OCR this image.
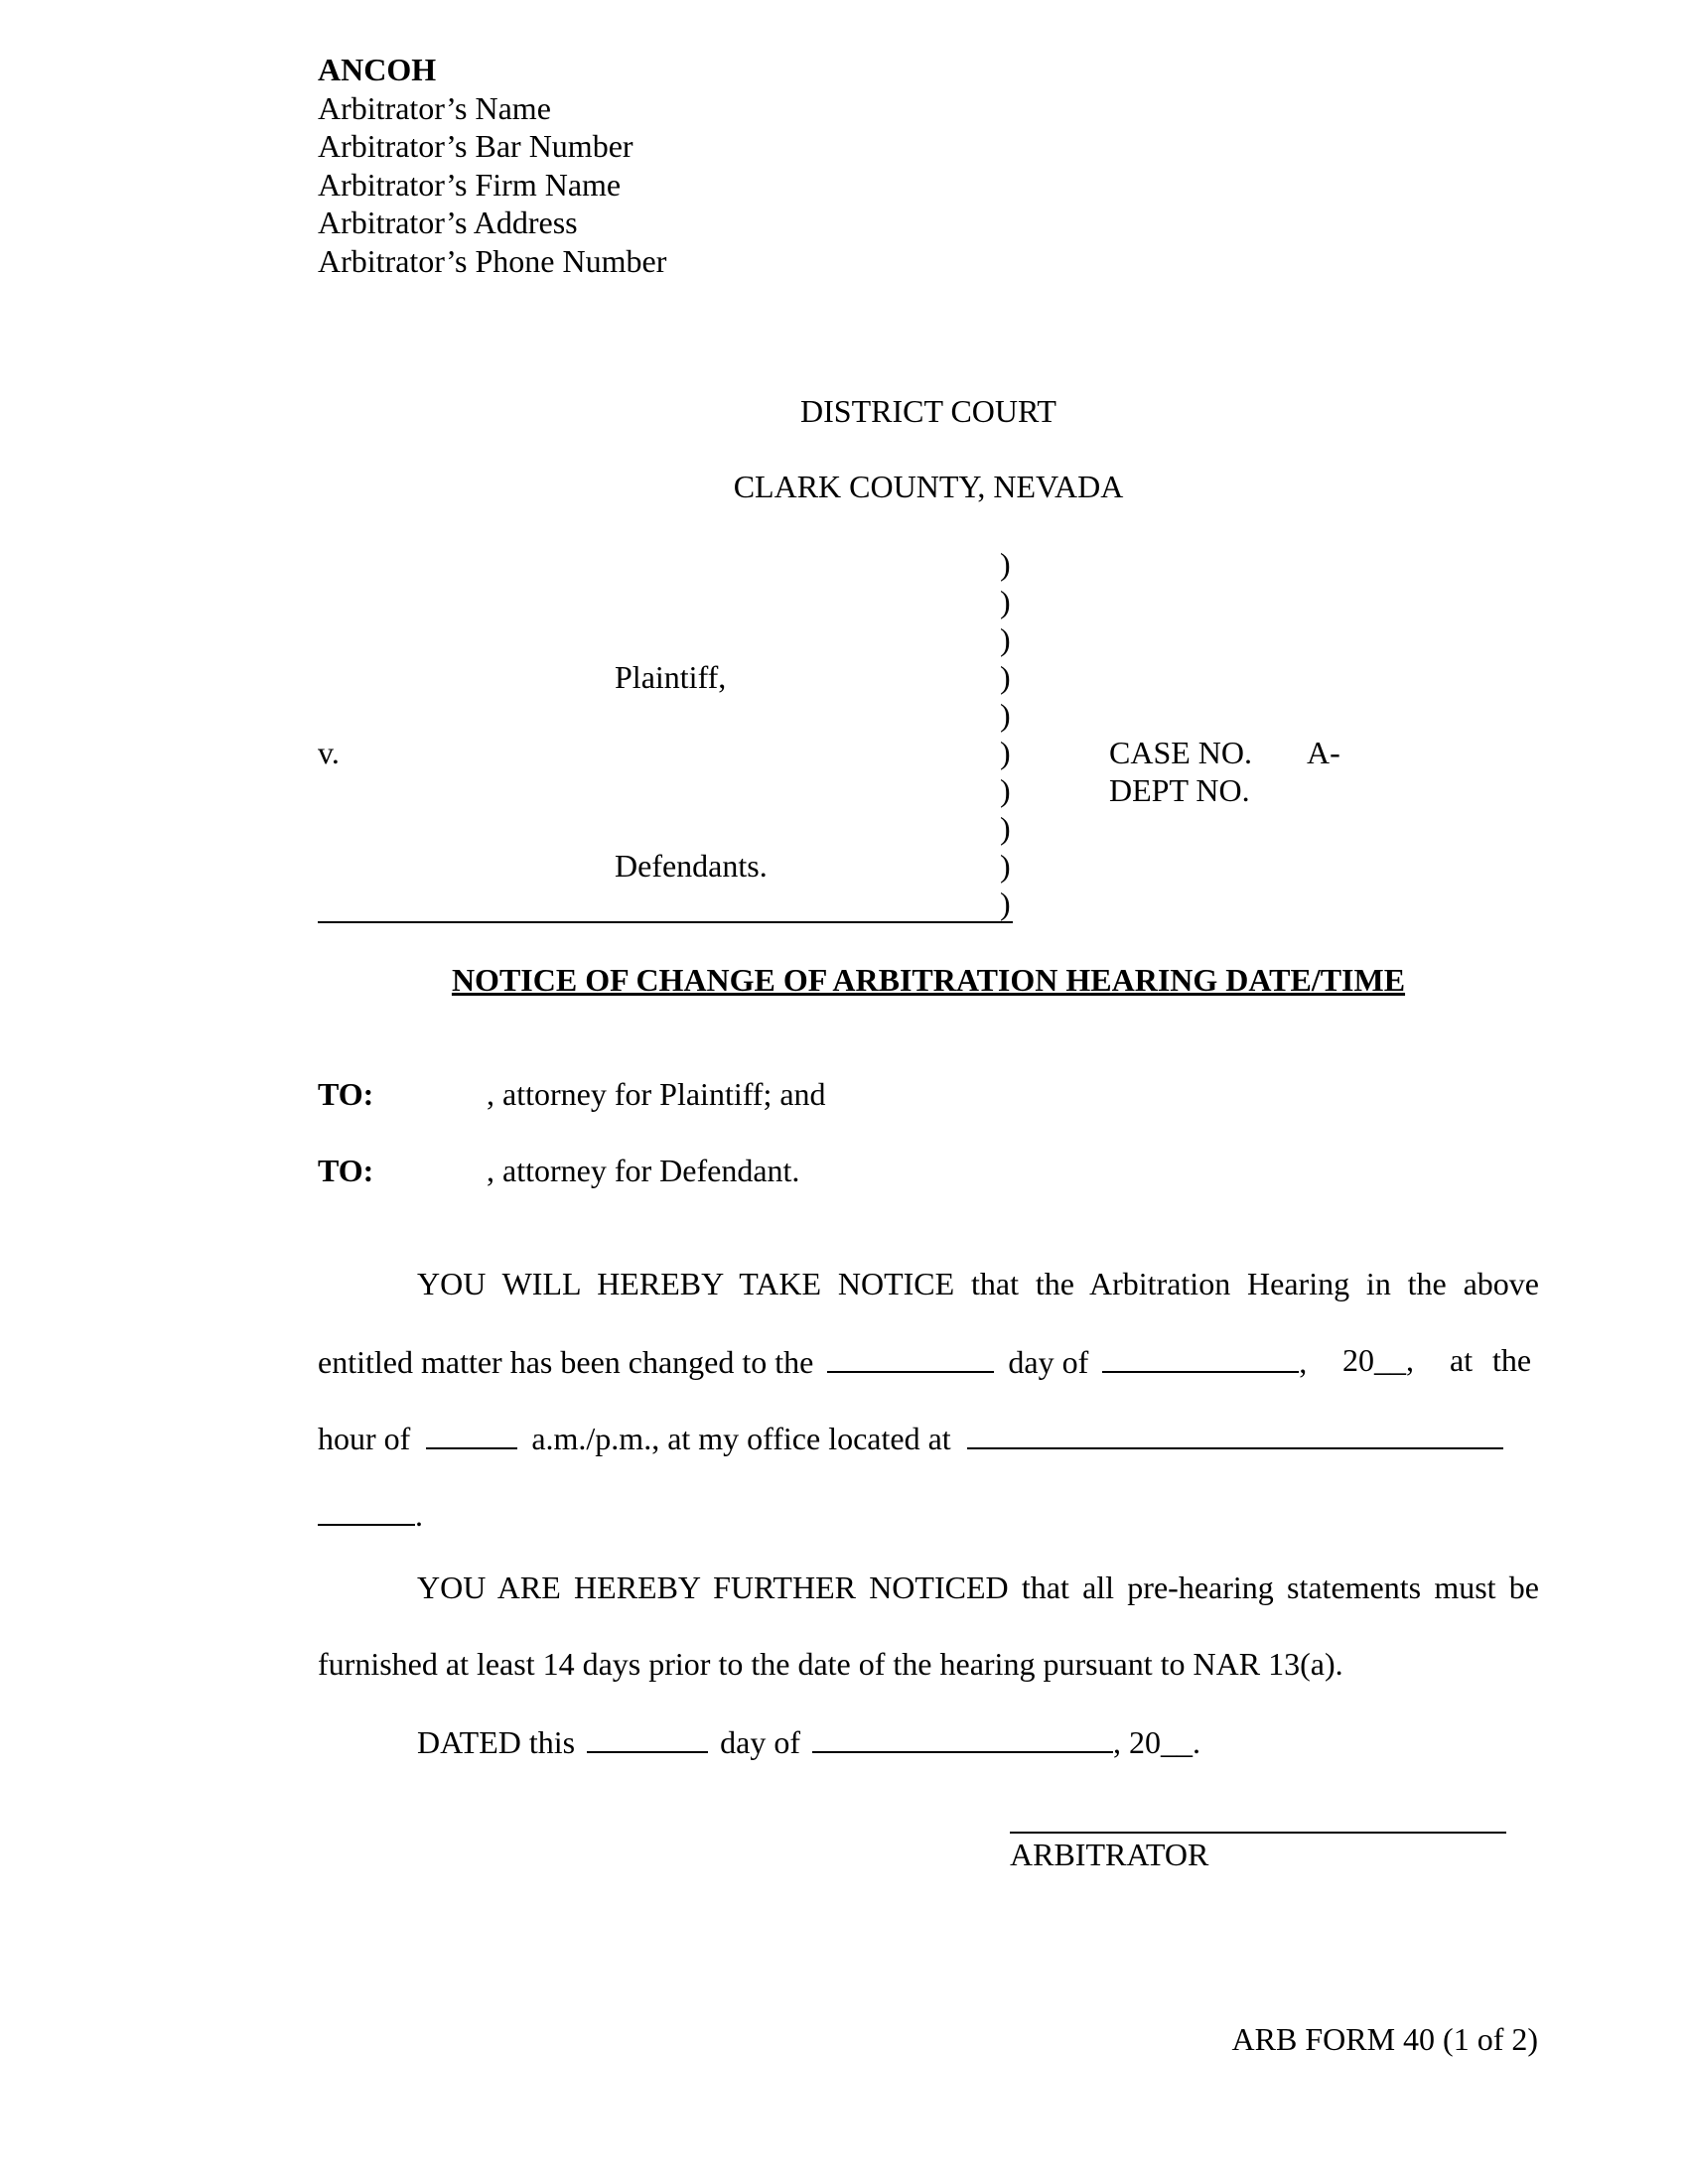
ANCOH
Arbitrator’s Name
Arbitrator’s Bar Number
Arbitrator’s Firm Name
Arbitrator’s Address
Arbitrator’s Phone Number
DISTRICT COURT
CLARK COUNTY, NEVADA
)
)
)
)
)
)
)
)
)
)
Plaintiff,
v.
Defendants.
CASE NO. A-
DEPT NO.
NOTICE OF CHANGE OF ARBITRATION HEARING DATE/TIME
TO:	, attorney for Plaintiff; and
TO:	, attorney for Defendant.
YOU WILL HEREBY TAKE NOTICE that the Arbitration Hearing in the above
entitled matter has been changed to the	day of	, 20__, at the
hour of	a.m./p.m., at my office located at
.
YOU ARE HEREBY FURTHER NOTICED that all pre-hearing statements must be
furnished at least 14 days prior to the date of the hearing pursuant to NAR 13(a).
DATED this	day of	, 20__.
ARBITRATOR
ARB FORM 40 (1 of 2)
